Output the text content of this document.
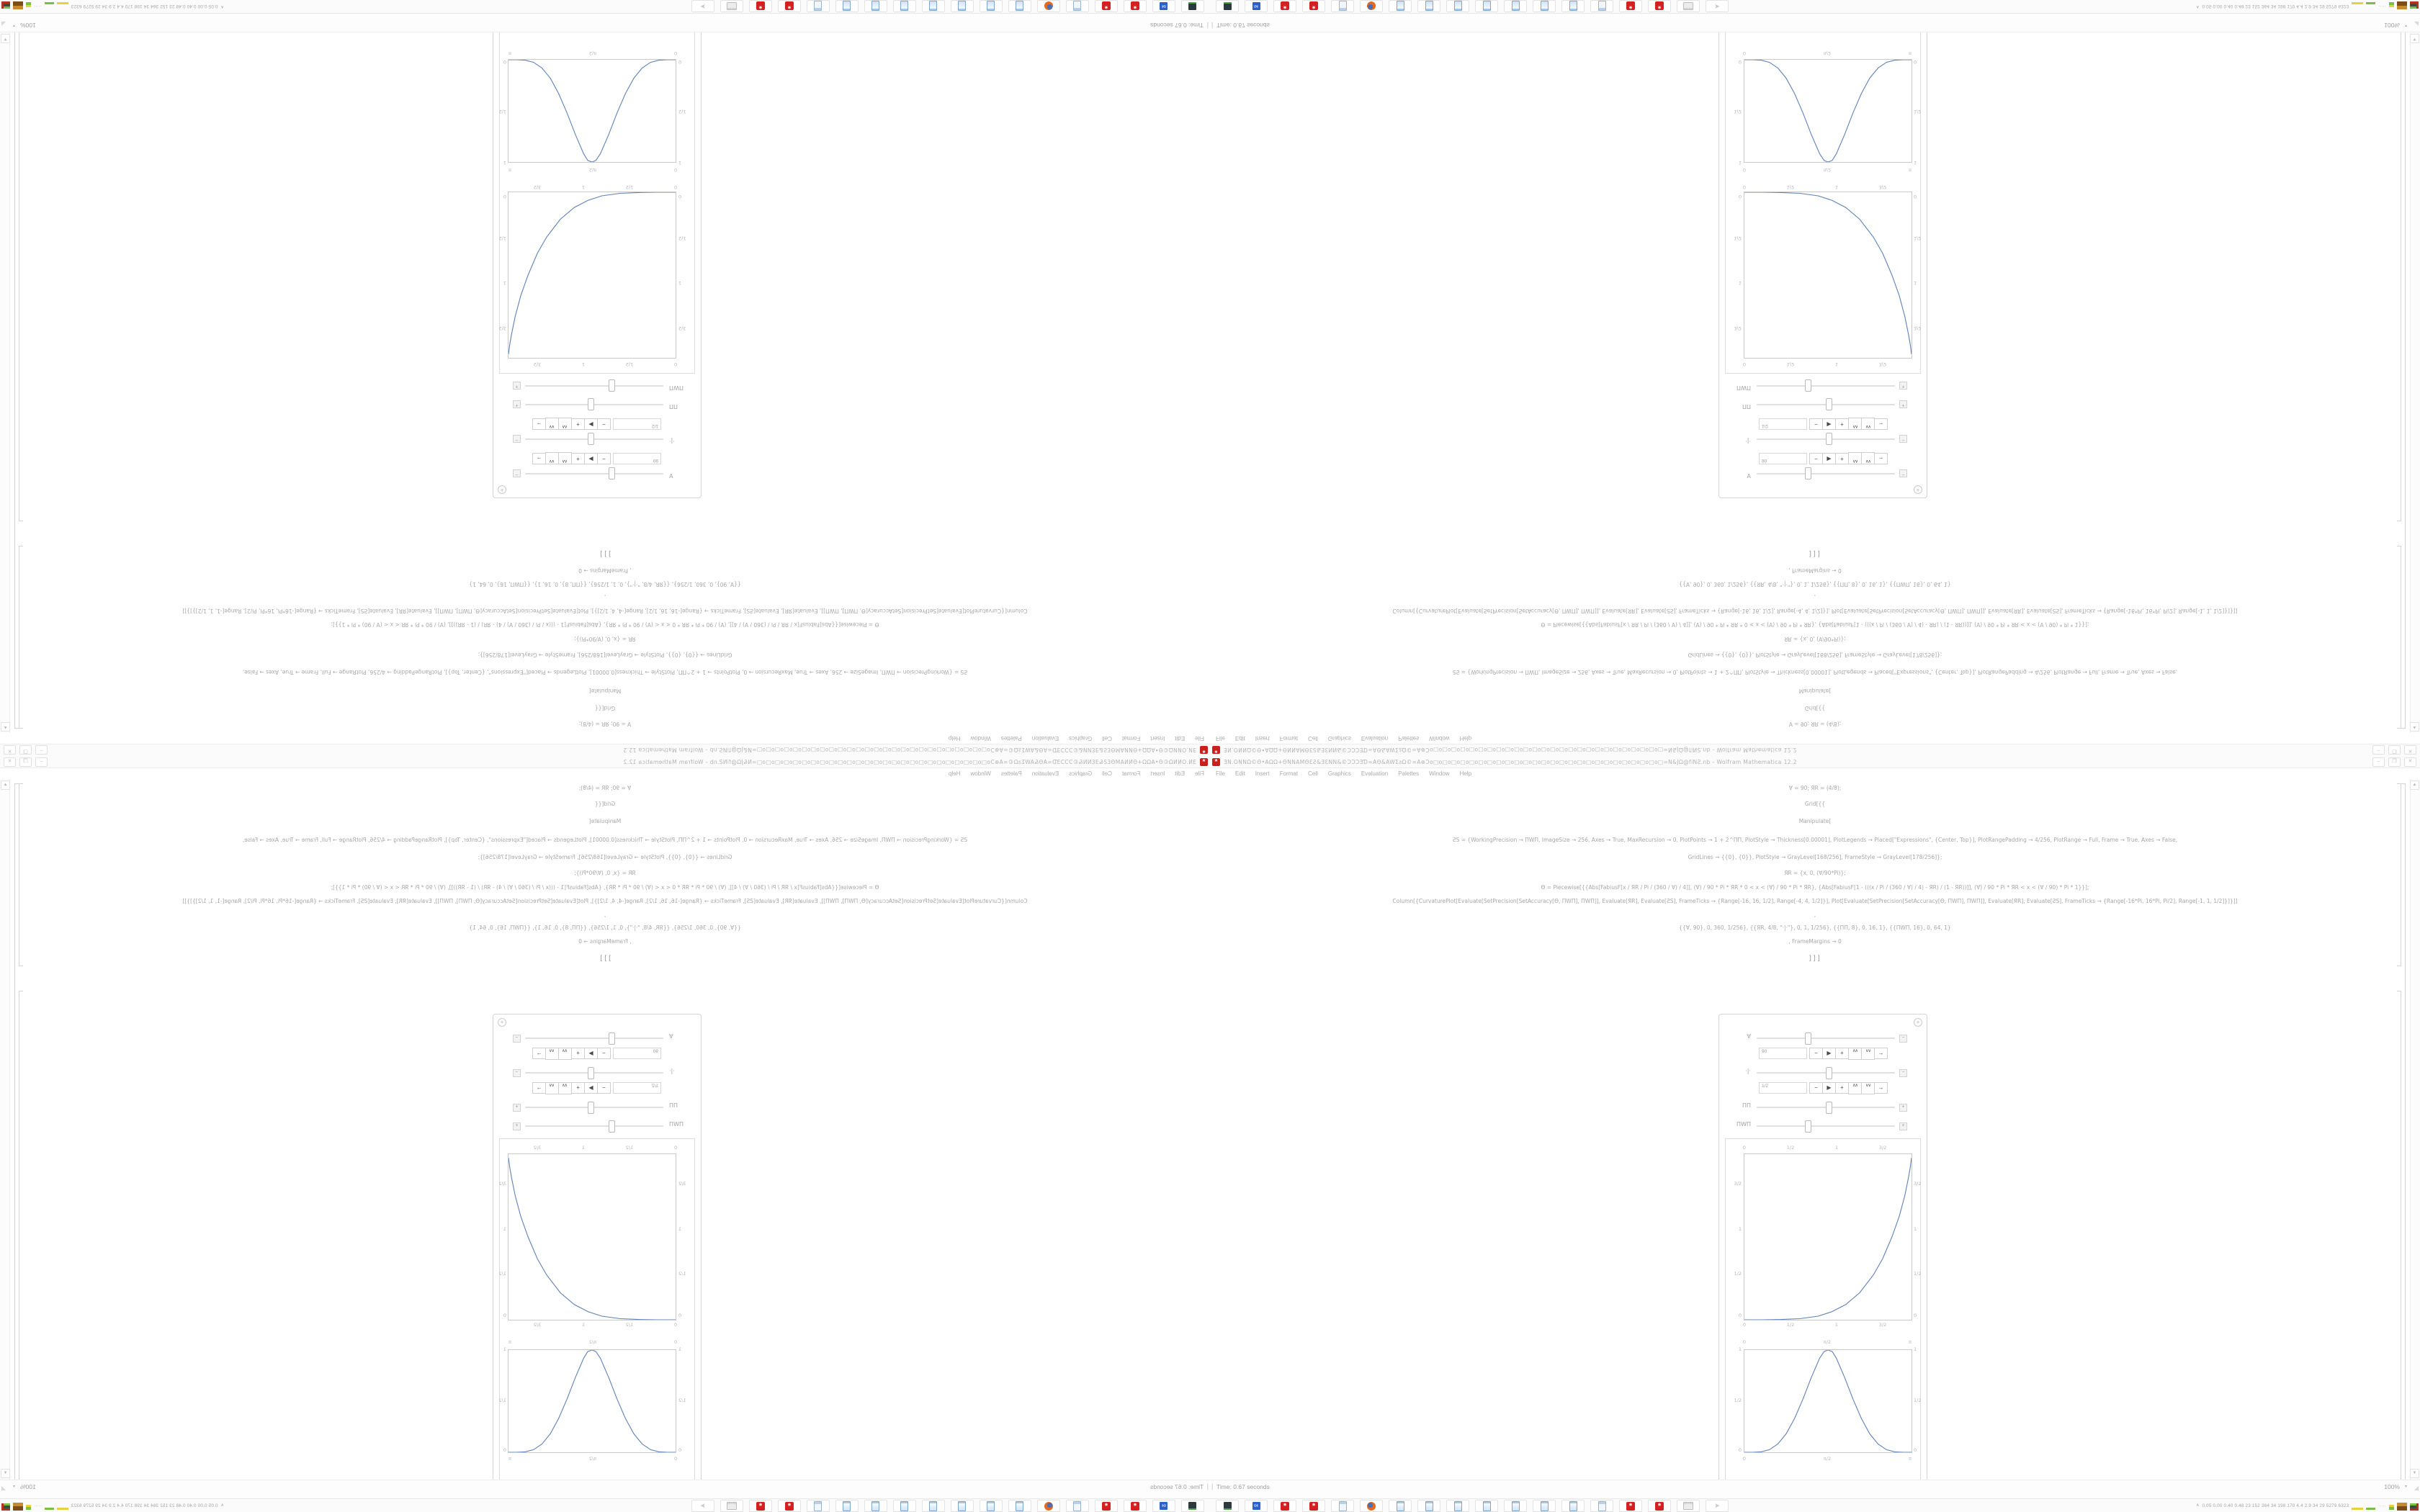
*
ƎN.ONNΩ©Θ•AΩΩ+ΘNΝΑΜΘƐƧ&ƎƐNΝ&©ƆƆƆƎƊ=AΘ&AWƩƨΩ©=A⊕Ɔo□o□o□o□o□o□o□o□o□o□o□o□o□o□o□o□o□o□o□o□o□o□o□o□o□o□=N&JΩ@fiNƧ.nb - Wolfram Mathematica 12.2	–	❐	✕
File Edit Insert Format Cell Graphics Evaluation Palettes Window Help
Ɐ = 90; ЯR = (4/8);
Grid[{{
Manipulate[
ƧS = {WorkingPrecision → ΠWΠ, ImageSize → 256, Axes → True, MaxRecursion → 0, PlotPoints → 1 + 2^ΠΠ, PlotStyle → Thickness[0.00001], PlotLegends → Placed["Expressions", {Center, Top}], PlotRangePadding → 4/256, PlotRange → Full, Frame → True, Axes → False,
GridLines → {{0}, {0}}, PlotStyle → GrayLevel[168/256], FrameStyle → GrayLevel[178/256]};
ЯR = {x, 0, (Ɐ/90*Pi)};
Ɵ = Piecewise[{{Abs[FabiusF[x / ЯR / Pi / (360 / Ɐ) / 4]], (Ɐ) / 90 * Pi * ЯR * 0 < x < (Ɐ) / 90 * Pi * ЯR}, {Abs[FabiusF[1 - (((x / Pi / (360 / Ɐ) / 4) - ЯR) / (1 - ЯR))]], (Ɐ) / 90 * Pi * ЯR < x < (Ɐ / 90) * Pi * 1}}];
Column[{CurvaturePlot[Evaluate[SetPrecision[SetAccuracy[Ɵ, ΠWΠ], ΠWΠ]], Evaluate[ЯR], Evaluate[ƧS], FrameTicks → {Range[-16, 16, 1/2], Range[-4, 4, 1/2]}], Plot[Evaluate[SetPrecision[SetAccuracy[Ɵ, ΠWΠ], ΠWΠ]], Evaluate[ЯR], Evaluate[ƧS], FrameTicks → {Range[-16*Pi, 16*Pi, Pi/2], Range[-1, 1, 1/2]}]}]]
,
{{Ɐ, 90}, 0, 360, 1/256}, {{ЯR, 4/8, "·|·"}, 0, 1, 1/256}, {{ΠΠ, 8}, 0, 16, 1}, {{ΠWΠ, 16}, 0, 64, 1}
, FrameMargins → 0
]]]
+
Ɐ	−
90	−	▶	+	∧∧	∨∨	→
·|·	−
1/2	−	▶	+	∧∧	∨∨	→
ΠΠ	+
ΠWΠ	+
0	1/2	1	3/2
3/2
1
1/2
0
3/2
1
1/2
0
0	1/2	1	3/2
0	π/2	π
1
1/2
0
1
1/2
0
0	π/2	π
▲
▼
| Time: 0.67 seconds	100% ▾ ◢
64
*
*
*
*
➤
∧ 0.05 0.00 0.40 0.48 23 152 364 34 198 170 4.4 2.9 34 29 5279 6323	····
*
ƎN.ONNΩ©Θ•AΩΩ+ΘNΝΑΜΘƐƧ&ƎƐNΝ&©ƆƆƆƎƊ=AΘ&AWƩƨΩ©=A⊕Ɔo□o□o□o□o□o□o□o□o□o□o□o□o□o□o□o□o□o□o□o□o□o□o□o□o□o□=N&JΩ@fiNƧ.nb - Wolfram Mathematica 12.2
–
❐
✕
File
Edit
Insert
Format
Cell
Graphics
Evaluation
Palettes
Window
Help
Ɐ = 90; ЯR = (4/8);
Grid[{{
Manipulate[
ƧS = {WorkingPrecision → ΠWΠ, ImageSize → 256, Axes → True, MaxRecursion → 0, PlotPoints → 1 + 2^ΠΠ, PlotStyle → Thickness[0.00001], PlotLegends → Placed["Expressions", {Center, Top}], PlotRangePadding → 4/256, PlotRange → Full, Frame → True, Axes → False,
GridLines → {{0}, {0}}, PlotStyle → GrayLevel[168/256], FrameStyle → GrayLevel[178/256]};
ЯR = {x, 0, (Ɐ/90*Pi)};
Ɵ = Piecewise[{{Abs[FabiusF[x / ЯR / Pi / (360 / Ɐ) / 4]], (Ɐ) / 90 * Pi * ЯR * 0 < x < (Ɐ) / 90 * Pi * ЯR}, {Abs[FabiusF[1 - (((x / Pi / (360 / Ɐ) / 4) - ЯR) / (1 - ЯR))]], (Ɐ) / 90 * Pi * ЯR < x < (Ɐ / 90) * Pi * 1}}];
Column[{CurvaturePlot[Evaluate[SetPrecision[SetAccuracy[Ɵ, ΠWΠ], ΠWΠ]], Evaluate[ЯR], Evaluate[ƧS], FrameTicks → {Range[-16, 16, 1/2], Range[-4, 4, 1/2]}], Plot[Evaluate[SetPrecision[SetAccuracy[Ɵ, ΠWΠ], ΠWΠ]], Evaluate[ЯR], Evaluate[ƧS], FrameTicks → {Range[-16*Pi, 16*Pi, Pi/2], Range[-1, 1, 1/2]}]}]]
,
{{Ɐ, 90}, 0, 360, 1/256}, {{ЯR, 4/8, "·|·"}, 0, 1, 1/256}, {{ΠΠ, 8}, 0, 16, 1}, {{ΠWΠ, 16}, 0, 64, 1}
, FrameMargins → 0
]]]
+
Ɐ
−
90
−
▶
+
∧∧
∨∨
→
·|·
−
1/2
−
▶
+
∧∧
∨∨
→
ΠΠ
+
ΠWΠ
+
0
1/2
1
3/2
3/2
1
1/2
0
3/2
1
1/2
0
0
1/2
1
3/2
0
π/2
π
1
1/2
0
1
1/2
0
0
π/2
π
▲
▼
|
Time: 0.67 seconds
100%
▾
◢
64
*
*
*
*
➤
∧
0.05 0.00 0.40 0.48 23 152 364 34 198 170 4.4 2.9 34 29 5279 6323
····
*
ƎN.ONNΩ©Θ•AΩΩ+ΘNΝΑΜΘƐƧ&ƎƐNΝ&©ƆƆƆƎƊ=AΘ&AWƩƨΩ©=A⊕Ɔo□o□o□o□o□o□o□o□o□o□o□o□o□o□o□o□o□o□o□o□o□o□o□o□o□o□=N&JΩ@fiNƧ.nb - Wolfram Mathematica 12.2	–	❐	✕
File Edit Insert Format Cell Graphics Evaluation Palettes Window Help
Ɐ = 90; ЯR = (4/8);
Grid[{{
Manipulate[
ƧS = {WorkingPrecision → ΠWΠ, ImageSize → 256, Axes → True, MaxRecursion → 0, PlotPoints → 1 + 2^ΠΠ, PlotStyle → Thickness[0.00001], PlotLegends → Placed["Expressions", {Center, Top}], PlotRangePadding → 4/256, PlotRange → Full, Frame → True, Axes → False,
GridLines → {{0}, {0}}, PlotStyle → GrayLevel[168/256], FrameStyle → GrayLevel[178/256]};
ЯR = {x, 0, (Ɐ/90*Pi)};
Ɵ = Piecewise[{{Abs[FabiusF[x / ЯR / Pi / (360 / Ɐ) / 4]], (Ɐ) / 90 * Pi * ЯR * 0 < x < (Ɐ) / 90 * Pi * ЯR}, {Abs[FabiusF[1 - (((x / Pi / (360 / Ɐ) / 4) - ЯR) / (1 - ЯR))]], (Ɐ) / 90 * Pi * ЯR < x < (Ɐ / 90) * Pi * 1}}];
Column[{CurvaturePlot[Evaluate[SetPrecision[SetAccuracy[Ɵ, ΠWΠ], ΠWΠ]], Evaluate[ЯR], Evaluate[ƧS], FrameTicks → {Range[-16, 16, 1/2], Range[-4, 4, 1/2]}], Plot[Evaluate[SetPrecision[SetAccuracy[Ɵ, ΠWΠ], ΠWΠ]], Evaluate[ЯR], Evaluate[ƧS], FrameTicks → {Range[-16*Pi, 16*Pi, Pi/2], Range[-1, 1, 1/2]}]}]]
,
{{Ɐ, 90}, 0, 360, 1/256}, {{ЯR, 4/8, "·|·"}, 0, 1, 1/256}, {{ΠΠ, 8}, 0, 16, 1}, {{ΠWΠ, 16}, 0, 64, 1}
, FrameMargins → 0
]]]
+
Ɐ	−
90	−	▶	+	∧∧	∨∨	→
·|·	−
1/2	−	▶	+	∧∧	∨∨	→
ΠΠ	+
ΠWΠ	+
0	1/2	1	3/2
3/2
1
1/2
0
3/2
1
1/2
0
0	1/2	1	3/2
0	π/2	π
1
1/2
0
1
1/2
0
0	π/2	π
▲
▼
| Time: 0.67 seconds	100% ▾ ◢
64
*
*
*
*
➤
∧ 0.05 0.00 0.40 0.48 23 152 364 34 198 170 4.4 2.9 34 29 5279 6323	····
*
ƎN.ONNΩ©Θ•AΩΩ+ΘNΝΑΜΘƐƧ&ƎƐNΝ&©ƆƆƆƎƊ=AΘ&AWƩƨΩ©=A⊕Ɔo□o□o□o□o□o□o□o□o□o□o□o□o□o□o□o□o□o□o□o□o□o□o□o□o□o□=N&JΩ@fiNƧ.nb - Wolfram Mathematica 12.2
–
❐
✕
File
Edit
Insert
Format
Cell
Graphics
Evaluation
Palettes
Window
Help
Ɐ = 90; ЯR = (4/8);
Grid[{{
Manipulate[
ƧS = {WorkingPrecision → ΠWΠ, ImageSize → 256, Axes → True, MaxRecursion → 0, PlotPoints → 1 + 2^ΠΠ, PlotStyle → Thickness[0.00001], PlotLegends → Placed["Expressions", {Center, Top}], PlotRangePadding → 4/256, PlotRange → Full, Frame → True, Axes → False,
GridLines → {{0}, {0}}, PlotStyle → GrayLevel[168/256], FrameStyle → GrayLevel[178/256]};
ЯR = {x, 0, (Ɐ/90*Pi)};
Ɵ = Piecewise[{{Abs[FabiusF[x / ЯR / Pi / (360 / Ɐ) / 4]], (Ɐ) / 90 * Pi * ЯR * 0 < x < (Ɐ) / 90 * Pi * ЯR}, {Abs[FabiusF[1 - (((x / Pi / (360 / Ɐ) / 4) - ЯR) / (1 - ЯR))]], (Ɐ) / 90 * Pi * ЯR < x < (Ɐ / 90) * Pi * 1}}];
Column[{CurvaturePlot[Evaluate[SetPrecision[SetAccuracy[Ɵ, ΠWΠ], ΠWΠ]], Evaluate[ЯR], Evaluate[ƧS], FrameTicks → {Range[-16, 16, 1/2], Range[-4, 4, 1/2]}], Plot[Evaluate[SetPrecision[SetAccuracy[Ɵ, ΠWΠ], ΠWΠ]], Evaluate[ЯR], Evaluate[ƧS], FrameTicks → {Range[-16*Pi, 16*Pi, Pi/2], Range[-1, 1, 1/2]}]}]]
,
{{Ɐ, 90}, 0, 360, 1/256}, {{ЯR, 4/8, "·|·"}, 0, 1, 1/256}, {{ΠΠ, 8}, 0, 16, 1}, {{ΠWΠ, 16}, 0, 64, 1}
, FrameMargins → 0
]]]
+
Ɐ
−
90
−
▶
+
∧∧
∨∨
→
·|·
−
1/2
−
▶
+
∧∧
∨∨
→
ΠΠ
+
ΠWΠ
+
0
1/2
1
3/2
3/2
1
1/2
0
3/2
1
1/2
0
0
1/2
1
3/2
0
π/2
π
1
1/2
0
1
1/2
0
0
π/2
π
▲
▼
|
Time: 0.67 seconds
100%
▾
◢
64
*
*
*
*
➤
∧
0.05 0.00 0.40 0.48 23 152 364 34 198 170 4.4 2.9 34 29 5279 6323
····
